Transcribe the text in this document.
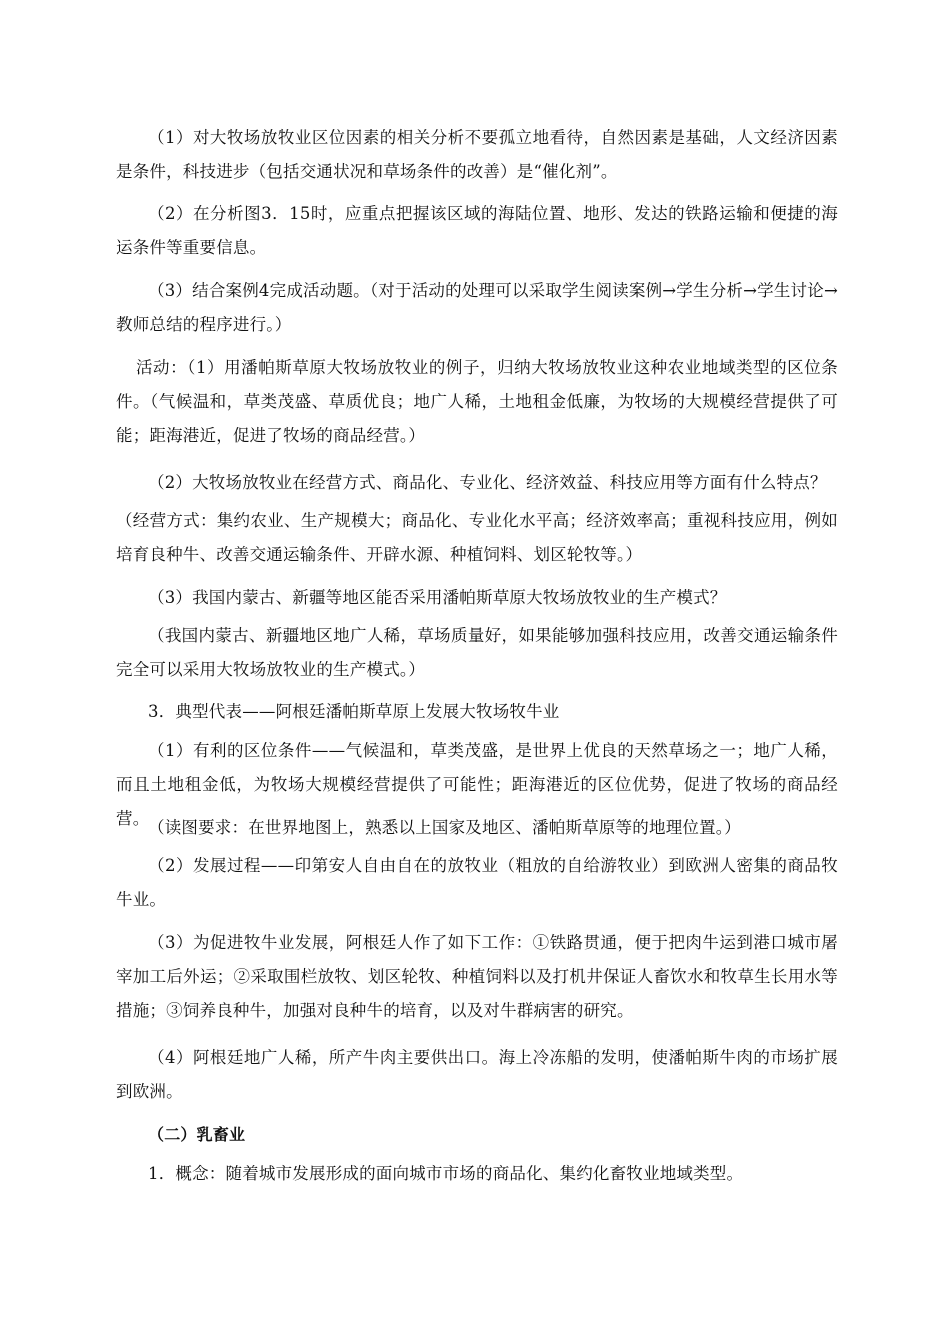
（1）对大牧场放牧业区位因素的相关分析不要孤立地看待，自然因素是基础，人文经济因素是条件，科技进步（包括交通状况和草场条件的改善）是“催化剂”。

（2）在分析图3．15时，应重点把握该区域的海陆位置、地形、发达的铁路运输和便捷的海运条件等重要信息。

（3）结合案例4完成活动题。（对于活动的处理可以采取学生阅读案例→学生分析→学生讨论→教师总结的程序进行。）

活动：（1）用潘帕斯草原大牧场放牧业的例子，归纳大牧场放牧业这种农业地域类型的区位条件。（气候温和，草类茂盛、草质优良；地广人稀，土地租金低廉，为牧场的大规模经营提供了可能；距海港近，促进了牧场的商品经营。）

（2）大牧场放牧业在经营方式、商品化、专业化、经济效益、科技应用等方面有什么特点？

（经营方式：集约农业、生产规模大；商品化、专业化水平高；经济效率高；重视科技应用，例如培育良种牛、改善交通运输条件、开辟水源、种植饲料、划区轮牧等。）

（3）我国内蒙古、新疆等地区能否采用潘帕斯草原大牧场放牧业的生产模式？

（我国内蒙古、新疆地区地广人稀，草场质量好，如果能够加强科技应用，改善交通运输条件完全可以采用大牧场放牧业的生产模式。）

3．典型代表——阿根廷潘帕斯草原上发展大牧场牧牛业

（1）有利的区位条件——气候温和，草类茂盛，是世界上优良的天然草场之一；地广人稀，而且土地租金低，为牧场大规模经营提供了可能性；距海港近的区位优势，促进了牧场的商品经营。

（读图要求：在世界地图上，熟悉以上国家及地区、潘帕斯草原等的地理位置。）

（2）发展过程——印第安人自由自在的放牧业（粗放的自给游牧业）到欧洲人密集的商品牧牛业。

（3）为促进牧牛业发展，阿根廷人作了如下工作：①铁路贯通，便于把肉牛运到港口城市屠宰加工后外运；②采取围栏放牧、划区轮牧、种植饲料以及打机井保证人畜饮水和牧草生长用水等措施；③饲养良种牛，加强对良种牛的培育，以及对牛群病害的研究。

（4）阿根廷地广人稀，所产牛肉主要供出口。海上冷冻船的发明，使潘帕斯牛肉的市场扩展到欧洲。

（二）乳畜业

1．概念：随着城市发展形成的面向城市市场的商品化、集约化畜牧业地域类型。
